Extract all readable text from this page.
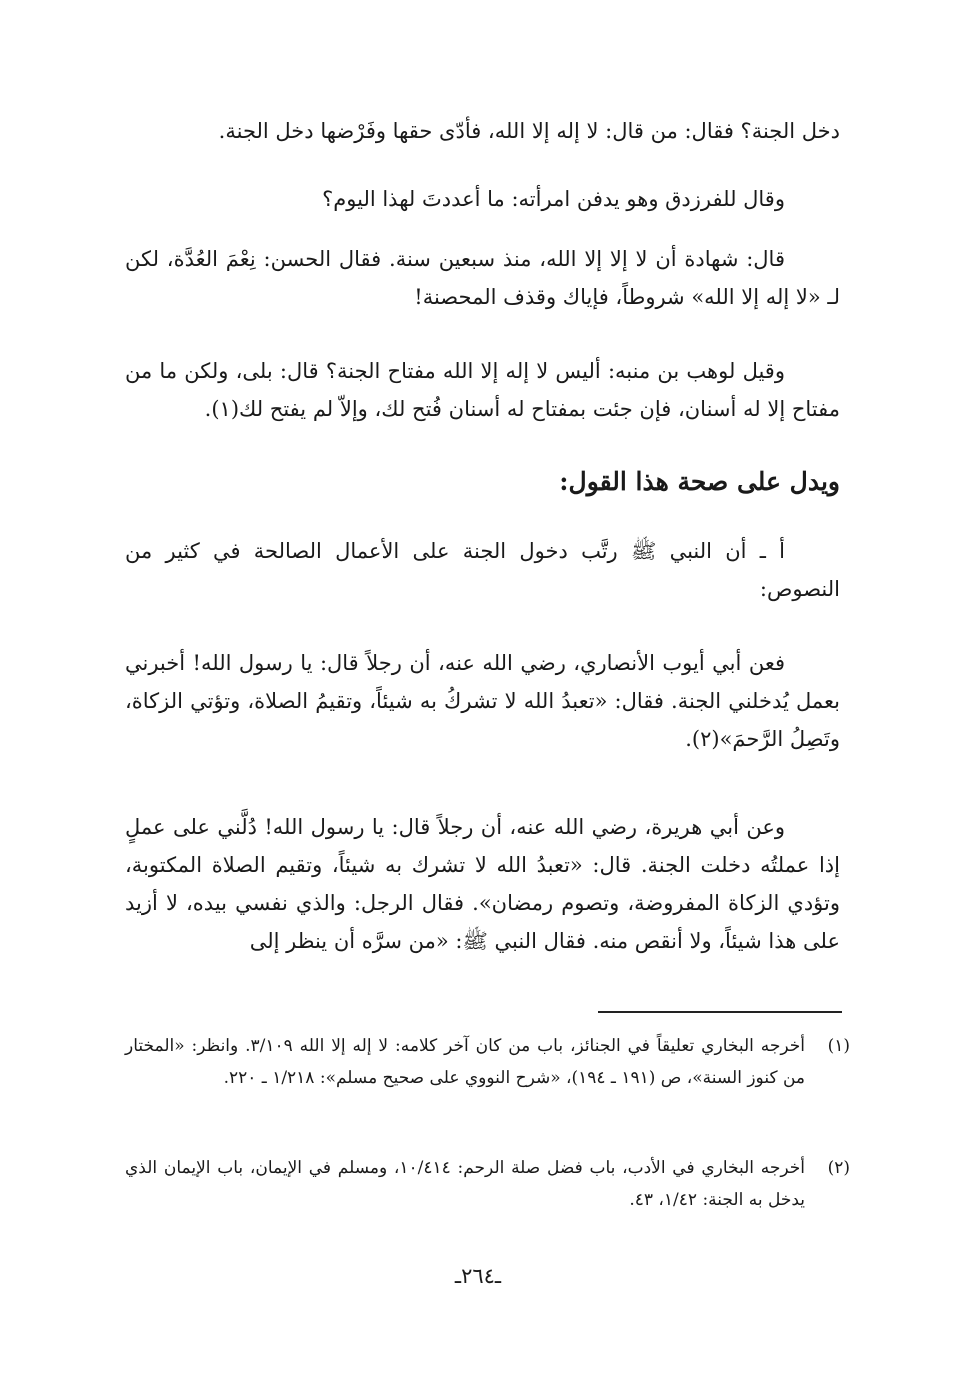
دخل الجنة؟ فقال: من قال: لا إله إلا الله، فأدّى حقها وفَرْضها دخل الجنة.
وقال للفرزدق وهو يدفن امرأته: ما أعددتَ لهذا اليوم؟
قال: شهادة أن لا إلا إلا الله، منذ سبعين سنة. فقال الحسن: نِعْمَ العُدَّة، لكن لـ «لا إله إلا الله» شروطاً، فإياك وقذف المحصنة!
وقيل لوهب بن منبه: أليس لا إله إلا الله مفتاح الجنة؟ قال: بلى، ولكن ما من مفتاح إلا له أسنان، فإن جئت بمفتاح له أسنان فُتح لك، وإلاّ لم يفتح لك(١).
ويدل على صحة هذا القول:
أ ـ أن النبي ﷺ رتَّب دخول الجنة على الأعمال الصالحة في كثير من النصوص:
فعن أبي أيوب الأنصاري، رضي الله عنه، أن رجلاً قال: يا رسول الله! أخبرني بعمل يُدخلني الجنة. فقال: «تعبدُ الله لا تشركُ به شيئاً، وتقيمُ الصلاة، وتؤتي الزكاة، وتَصِلُ الرَّحمَ»(٢).
وعن أبي هريرة، رضي الله عنه، أن رجلاً قال: يا رسول الله! دُلَّني على عملٍ إذا عملتُه دخلت الجنة. قال: «تعبدُ الله لا تشرك به شيئاً، وتقيم الصلاة المكتوبة، وتؤدي الزكاة المفروضة، وتصوم رمضان». فقال الرجل: والذي نفسي بيده، لا أزيد على هذا شيئاً، ولا أنقص منه. فقال النبي ﷺ: «من سرَّه أن ينظر إلى
(١)
أخرجه البخاري تعليقاً في الجنائز، باب من كان آخر كلامه: لا إله إلا الله ٣/١٠٩. وانظر: «المختار من كنوز السنة»، ص (١٩١ ـ ١٩٤)، «شرح النووي على صحيح مسلم»: ١/٢١٨ ـ ٢٢٠.
(٢)
أخرجه البخاري في الأدب، باب فضل صلة الرحم: ١٠/٤١٤، ومسلم في الإيمان، باب الإيمان الذي يدخل به الجنة: ١/٤٢، ٤٣.
ـ٢٦٤ـ
